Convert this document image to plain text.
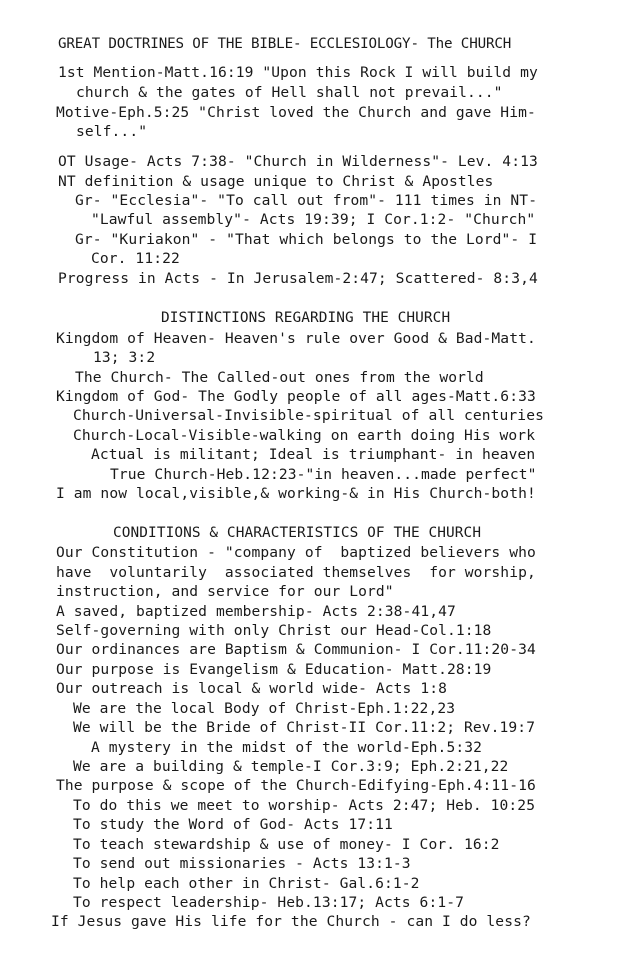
GREAT DOCTRINES OF THE BIBLE- ECCLESIOLOGY- The CHURCH
1st Mention-Matt.16:19 "Upon this Rock I will build my
church & the gates of Hell shall not prevail..."
Motive-Eph.5:25 "Christ loved the Church and gave Him-
self..."
OT Usage- Acts 7:38- "Church in Wilderness"- Lev. 4:13
NT definition & usage unique to Christ & Apostles
Gr- "Ecclesia"- "To call out from"- 111 times in NT-
"Lawful assembly"- Acts 19:39; I Cor.1:2- "Church"
Gr- "Kuriakon" - "That which belongs to the Lord"- I
Cor. 11:22
Progress in Acts - In Jerusalem-2:47; Scattered- 8:3,4
DISTINCTIONS REGARDING THE CHURCH
Kingdom of Heaven- Heaven's rule over Good & Bad-Matt.
13; 3:2
The Church- The Called-out ones from the world
Kingdom of God- The Godly people of all ages-Matt.6:33
Church-Universal-Invisible-spiritual of all centuries
Church-Local-Visible-walking on earth doing His work
Actual is militant; Ideal is triumphant- in heaven
True Church-Heb.12:23-"in heaven...made perfect"
I am now local,visible,& working-& in His Church-both!
CONDITIONS & CHARACTERISTICS OF THE CHURCH
Our Constitution - "company of  baptized believers who
have  voluntarily  associated themselves  for worship,
instruction, and service for our Lord"
A saved, baptized membership- Acts 2:38-41,47
Self-governing with only Christ our Head-Col.1:18
Our ordinances are Baptism & Communion- I Cor.11:20-34
Our purpose is Evangelism & Education- Matt.28:19
Our outreach is local & world wide- Acts 1:8
We are the local Body of Christ-Eph.1:22,23
We will be the Bride of Christ-II Cor.11:2; Rev.19:7
A mystery in the midst of the world-Eph.5:32
We are a building & temple-I Cor.3:9; Eph.2:21,22
The purpose & scope of the Church-Edifying-Eph.4:11-16
To do this we meet to worship- Acts 2:47; Heb. 10:25
To study the Word of God- Acts 17:11
To teach stewardship & use of money- I Cor. 16:2
To send out missionaries - Acts 13:1-3
To help each other in Christ- Gal.6:1-2
To respect leadership- Heb.13:17; Acts 6:1-7
If Jesus gave His life for the Church - can I do less?
